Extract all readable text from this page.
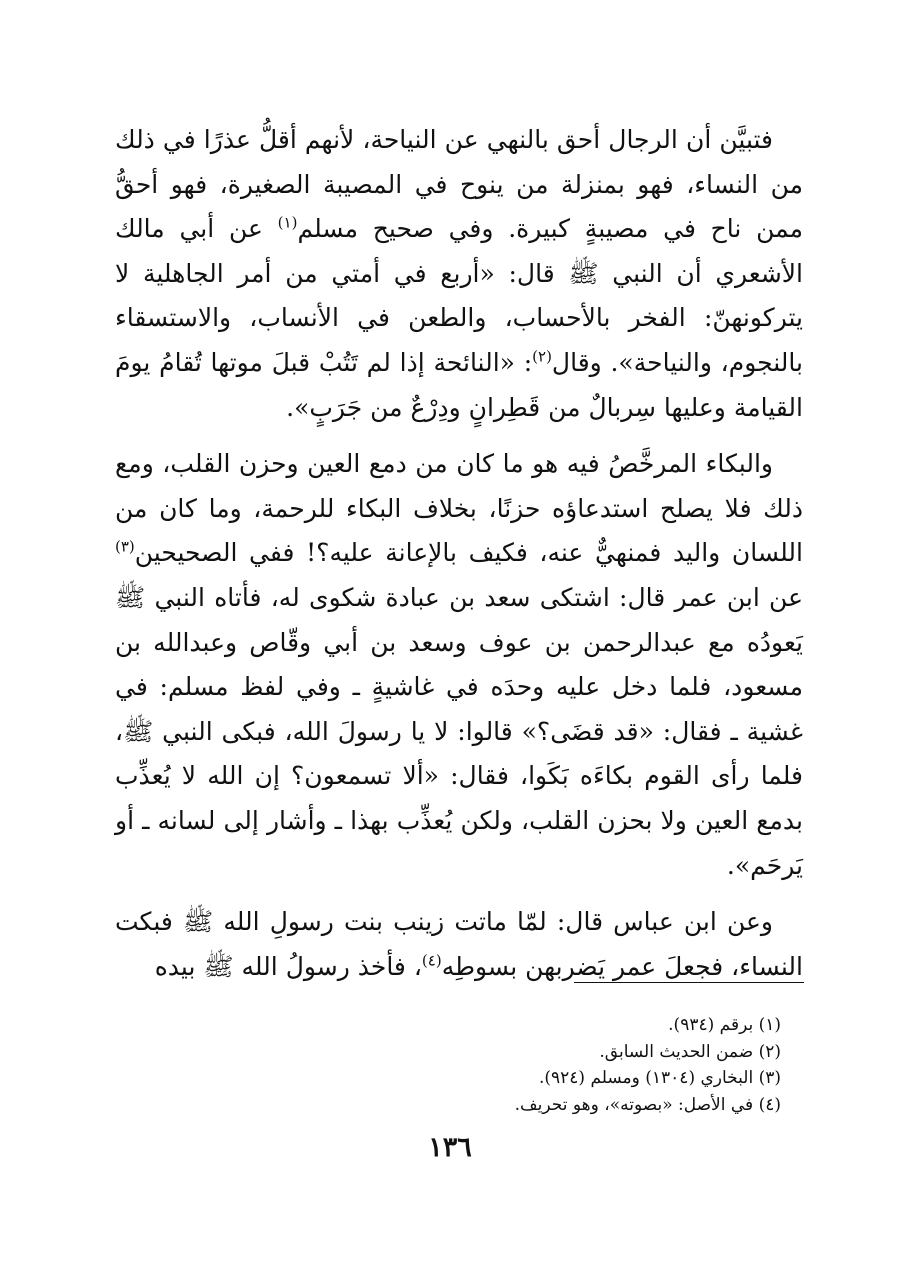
فتبيَّن أن الرجال أحق بالنهي عن النياحة، لأنهم أقلُّ عذرًا في ذلك من النساء، فهو بمنزلة من ينوح في المصيبة الصغيرة، فهو أحقُّ ممن ناح في مصيبةٍ كبيرة. وفي صحيح مسلم$^{(١)}$ عن أبي مالك الأشعري أن النبي ﷺ قال: «أربع في أمتي من أمر الجاهلية لا يتركونهنّ: الفخر بالأحساب، والطعن في الأنساب، والاستسقاء بالنجوم، والنياحة». وقال$^{(٢)}$: «النائحة إذا لم تَتُبْ قبلَ موتها تُقامُ يومَ القيامة وعليها سِربالٌ من قَطِرانٍ ودِرْعٌ من جَرَبٍ».

والبكاء المرخَّصُ فيه هو ما كان من دمع العين وحزن القلب، ومع ذلك فلا يصلح استدعاؤه حزنًا، بخلاف البكاء للرحمة، وما كان من اللسان واليد فمنهيٌّ عنه، فكيف بالإعانة عليه؟! ففي الصحيحين$^{(٣)}$ عن ابن عمر قال: اشتكى سعد بن عبادة شكوى له، فأتاه النبي ﷺ يَعودُه مع عبدالرحمن بن عوف وسعد بن أبي وقّاص وعبدالله بن مسعود، فلما دخل عليه وحدَه في غاشيةٍ ـ وفي لفظ مسلم: في غشية ـ فقال: «قد قضَى؟» قالوا: لا يا رسولَ الله، فبكى النبي ﷺ، فلما رأى القوم بكاءَه بَكَوا، فقال: «ألا تسمعون؟ إن الله لا يُعذِّب بدمع العين ولا بحزن القلب، ولكن يُعذِّب بهذا ـ وأشار إلى لسانه ـ أو يَرحَم».

وعن ابن عباس قال: لمّا ماتت زينب بنت رسولِ الله ﷺ فبكت النساء، فجعلَ عمر يَضربهن بسوطِه$^{(٤)}$، فأخذ رسولُ الله ﷺ بيده

(١) برقم (٩٣٤).

(٢) ضمن الحديث السابق.

(٣) البخاري (١٣٠٤) ومسلم (٩٢٤).

(٤) في الأصل: «بصوته»، وهو تحريف.

١٣٦
